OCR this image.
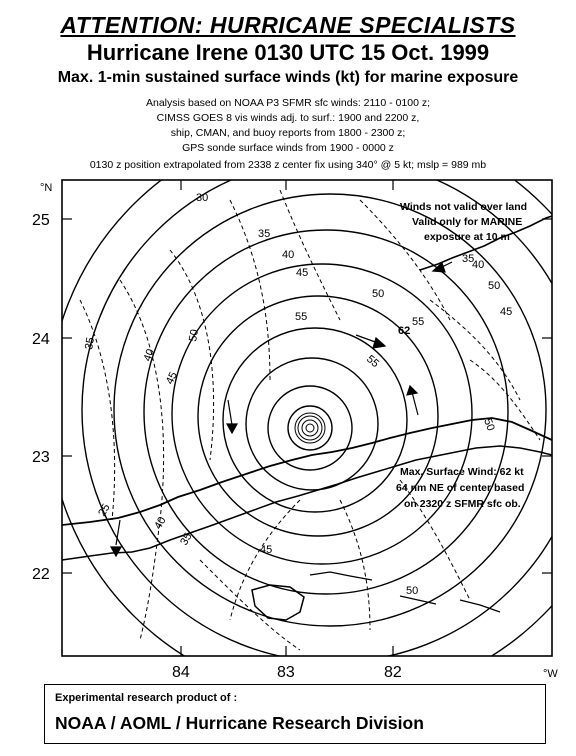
30
35
40
45
50
55
62
55
50
45
40
35
35
40
45
50
55
50
45
40
35
25
50
Winds not valid over land
Valid only for MARINE
exposure at 10 m
Max. Surface Wind: 62 kt
64 nm NE of center based
on 2320 z SFMR sfc ob.
25
24
23
22
84	83	82
°N
°W
ATTENTION: HURRICANE SPECIALISTS
Hurricane Irene 0130 UTC 15 Oct. 1999
Max. 1-min sustained surface winds (kt) for marine exposure
Analysis based on NOAA P3 SFMR sfc winds: 2110 - 0100 z;
CIMSS GOES 8 vis winds adj. to surf.: 1900 and 2200 z,
ship, CMAN, and buoy reports from 1800 - 2300 z;
GPS sonde surface winds from 1900 - 0000 z
0130 z position extrapolated from 2338 z center fix using 340° @ 5 kt; mslp = 989 mb
Experimental research product of :
NOAA / AOML / Hurricane Research Division
